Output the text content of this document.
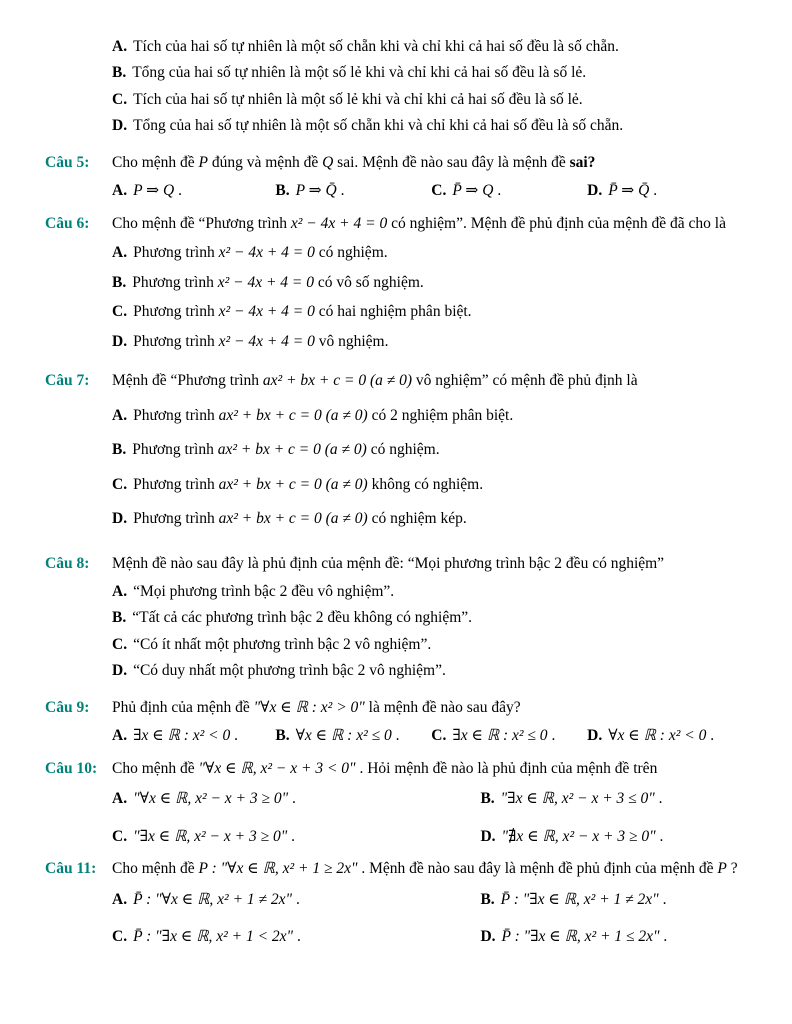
A. Tích của hai số tự nhiên là một số chẵn khi và chỉ khi cả hai số đều là số chẵn.
B. Tổng của hai số tự nhiên là một số lẻ khi và chỉ khi cả hai số đều là số lẻ.
C. Tích của hai số tự nhiên là một số lẻ khi và chỉ khi cả hai số đều là số lẻ.
D. Tổng của hai số tự nhiên là một số chẵn khi và chỉ khi cả hai số đều là số chẵn.
Câu 5:	Cho mệnh đề P đúng và mệnh đề Q sai. Mệnh đề nào sau đây là mệnh đề sai?
A. P ⇒ Q .	B. P ⇒ Q̄ .	C. P̄ ⇒ Q .	D. P̄ ⇒ Q̄ .
Câu 6:	Cho mệnh đề “Phương trình x² − 4x + 4 = 0 có nghiệm”. Mệnh đề phủ định của mệnh đề đã cho là
A. Phương trình x² − 4x + 4 = 0 có nghiệm.
B. Phương trình x² − 4x + 4 = 0 có vô số nghiệm.
C. Phương trình x² − 4x + 4 = 0 có hai nghiệm phân biệt.
D. Phương trình x² − 4x + 4 = 0 vô nghiệm.
Câu 7:	Mệnh đề “Phương trình ax² + bx + c = 0 (a ≠ 0) vô nghiệm” có mệnh đề phủ định là
A. Phương trình ax² + bx + c = 0 (a ≠ 0) có 2 nghiệm phân biệt.
B. Phương trình ax² + bx + c = 0 (a ≠ 0) có nghiệm.
C. Phương trình ax² + bx + c = 0 (a ≠ 0) không có nghiệm.
D. Phương trình ax² + bx + c = 0 (a ≠ 0) có nghiệm kép.
Câu 8:	Mệnh đề nào sau đây là phủ định của mệnh đề: “Mọi phương trình bậc 2 đều có nghiệm”
A. “Mọi phương trình bậc 2 đều vô nghiệm”.
B. “Tất cả các phương trình bậc 2 đều không có nghiệm”.
C. “Có ít nhất một phương trình bậc 2 vô nghiệm”.
D. “Có duy nhất một phương trình bậc 2 vô nghiệm”.
Câu 9:	Phủ định của mệnh đề "∀x ∈ ℝ : x² > 0" là mệnh đề nào sau đây?
A. ∃x ∈ ℝ : x² < 0 .	B. ∀x ∈ ℝ : x² ≤ 0 .	C. ∃x ∈ ℝ : x² ≤ 0 .	D. ∀x ∈ ℝ : x² < 0 .
Câu 10: Cho mệnh đề "∀x ∈ ℝ, x² − x + 3 < 0" . Hỏi mệnh đề nào là phủ định của mệnh đề trên
A. "∀x ∈ ℝ, x² − x + 3 ≥ 0" .	B. "∃x ∈ ℝ, x² − x + 3 ≤ 0" .
C. "∃x ∈ ℝ, x² − x + 3 ≥ 0" .	D. "∄x ∈ ℝ, x² − x + 3 ≥ 0" .
Câu 11:	Cho mệnh đề P : "∀x ∈ ℝ, x² + 1 ≥ 2x" . Mệnh đề nào sau đây là mệnh đề phủ định của mệnh đề P ?
A. P̄ : "∀x ∈ ℝ, x² + 1 ≠ 2x" .	B. P̄ : "∃x ∈ ℝ, x² + 1 ≠ 2x" .
C. P̄ : "∃x ∈ ℝ, x² + 1 < 2x" .	D. P̄ : "∃x ∈ ℝ, x² + 1 ≤ 2x" .
